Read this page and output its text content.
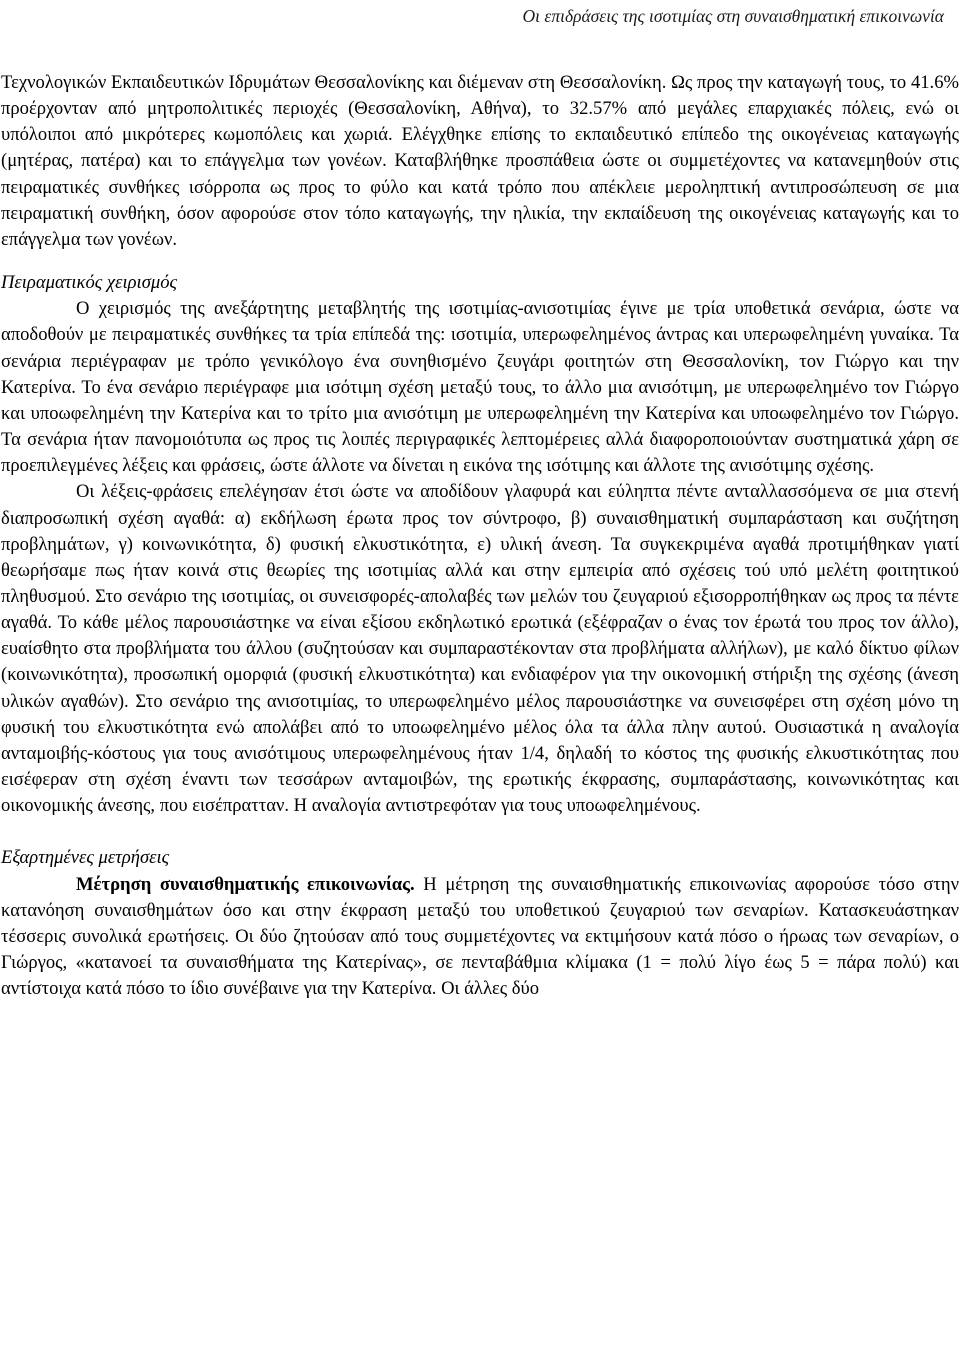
Οι επιδράσεις της ισοτιμίας στη συναισθηματική επικοινωνία

Τεχνολογικών Εκπαιδευτικών Ιδρυμάτων Θεσσαλονίκης και διέμεναν στη Θεσσαλονίκη. Ως προς την καταγωγή τους, το 41.6% προέρχονταν από μητροπολιτικές περιοχές (Θεσσαλονίκη, Αθήνα), το 32.57% από μεγάλες επαρχιακές πόλεις, ενώ οι υπόλοιποι από μικρότερες κωμοπόλεις και χωριά. Ελέγχθηκε επίσης το εκπαιδευτικό επίπεδο της οικογένειας καταγωγής (μητέρας, πατέρα) και το επάγγελμα των γονέων. Καταβλήθηκε προσπάθεια ώστε οι συμμετέχοντες να κατανεμηθούν στις πειραματικές συνθήκες ισόρροπα ως προς το φύλο και κατά τρόπο που απέκλειε μεροληπτική αντιπροσώπευση σε μια πειραματική συνθήκη, όσον αφορούσε στον τόπο καταγωγής, την ηλικία, την εκπαίδευση της οικογένειας καταγωγής και το επάγγελμα των γονέων.

Πειραματικός χειρισμός

Ο χειρισμός της ανεξάρτητης μεταβλητής της ισοτιμίας-ανισοτιμίας έγινε με τρία υποθετικά σενάρια, ώστε να αποδοθούν με πειραματικές συνθήκες τα τρία επίπεδά της: ισοτιμία, υπερωφελημένος άντρας και υπερωφελημένη γυναίκα. Τα σενάρια περιέγραφαν με τρόπο γενικόλογο ένα συνηθισμένο ζευγάρι φοιτητών στη Θεσσαλονίκη, τον Γιώργο και την Κατερίνα. Το ένα σενάριο περιέγραφε μια ισότιμη σχέση μεταξύ τους, το άλλο μια ανισότιμη, με υπερωφελημένο τον Γιώργο και υποωφελημένη την Κατερίνα και το τρίτο μια ανισότιμη με υπερωφελημένη την Κατερίνα και υποωφελημένο τον Γιώργο. Τα σενάρια ήταν πανομοιότυπα ως προς τις λοιπές περιγραφικές λεπτομέρειες αλλά διαφοροποιούνταν συστηματικά χάρη σε προεπιλεγμένες λέξεις και φράσεις, ώστε άλλοτε να δίνεται η εικόνα της ισότιμης και άλλοτε της ανισότιμης σχέσης.

Οι λέξεις-φράσεις επελέγησαν έτσι ώστε να αποδίδουν γλαφυρά και εύληπτα πέντε ανταλλασσόμενα σε μια στενή διαπροσωπική σχέση αγαθά: α) εκδήλωση έρωτα προς τον σύντροφο, β) συναισθηματική συμπαράσταση και συζήτηση προβλημάτων, γ) κοινωνικότητα, δ) φυσική ελκυστικότητα, ε) υλική άνεση. Τα συγκεκριμένα αγαθά προτιμήθηκαν γιατί θεωρήσαμε πως ήταν κοινά στις θεωρίες της ισοτιμίας αλλά και στην εμπειρία από σχέσεις τού υπό μελέτη φοιτητικού πληθυσμού. Στο σενάριο της ισοτιμίας, οι συνεισφορές-απολαβές των μελών του ζευγαριού εξισορροπήθηκαν ως προς τα πέντε αγαθά. Το κάθε μέλος παρουσιάστηκε να είναι εξίσου εκδηλωτικό ερωτικά (εξέφραζαν ο ένας τον έρωτά του προς τον άλλο), ευαίσθητο στα προβλήματα του άλλου (συζητούσαν και συμπαραστέκονταν στα προβλήματα αλλήλων), με καλό δίκτυο φίλων (κοινωνικότητα), προσωπική ομορφιά (φυσική ελκυστικότητα) και ενδιαφέρον για την οικονομική στήριξη της σχέσης (άνεση υλικών αγαθών). Στο σενάριο της ανισοτιμίας, το υπερωφελημένο μέλος παρουσιάστηκε να συνεισφέρει στη σχέση μόνο τη φυσική του ελκυστικότητα ενώ απολάβει από το υποωφελημένο μέλος όλα τα άλλα πλην αυτού. Ουσιαστικά η αναλογία ανταμοιβής-κόστους για τους ανισότιμους υπερωφελημένους ήταν 1/4, δηλαδή το κόστος της φυσικής ελκυστικότητας που εισέφεραν στη σχέση έναντι των τεσσάρων ανταμοιβών, της ερωτικής έκφρασης, συμπαράστασης, κοινωνικότητας και οικονομικής άνεσης, που εισέπρατταν. Η αναλογία αντιστρεφόταν για τους υποωφελημένους.

Εξαρτημένες μετρήσεις

Μέτρηση συναισθηματικής επικοινωνίας. Η μέτρηση της συναισθηματικής επικοινωνίας αφορούσε τόσο στην κατανόηση συναισθημάτων όσο και στην έκφραση μεταξύ του υποθετικού ζευγαριού των σεναρίων. Κατασκευάστηκαν τέσσερις συνολικά ερωτήσεις. Οι δύο ζητούσαν από τους συμμετέχοντες να εκτιμήσουν κατά πόσο ο ήρωας των σεναρίων, ο Γιώργος, «κατανοεί τα συναισθήματα της Κατερίνας», σε πενταβάθμια κλίμακα (1 = πολύ λίγο έως 5 = πάρα πολύ) και αντίστοιχα κατά πόσο το ίδιο συνέβαινε για την Κατερίνα. Οι άλλες δύο
